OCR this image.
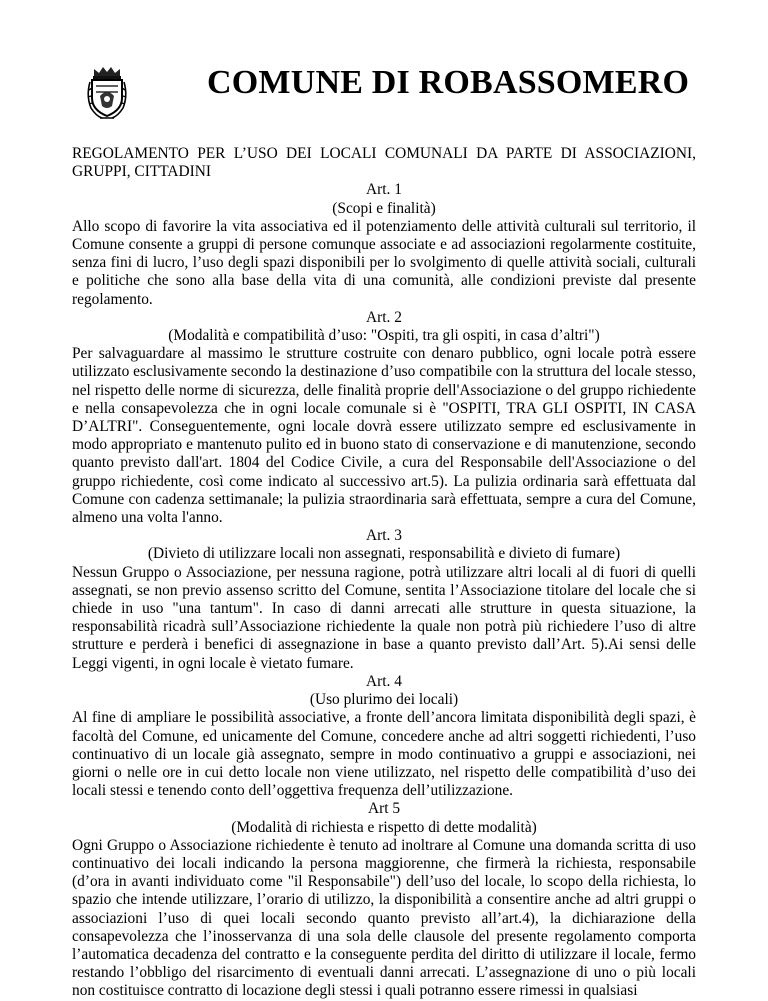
COMUNE DI ROBASSOMERO

REGOLAMENTO PER L’USO DEI LOCALI COMUNALI DA PARTE DI ASSOCIAZIONI, GRUPPI, CITTADINI

Art. 1

(Scopi e finalità)

Allo scopo di favorire la vita associativa ed il potenziamento delle attività culturali sul territorio, il Comune consente a gruppi di persone comunque associate e ad associazioni regolarmente costituite, senza fini di lucro, l’uso degli spazi disponibili per lo svolgimento di quelle attività sociali, culturali e politiche che sono alla base della vita di una comunità, alle condizioni previste dal presente regolamento.

Art. 2

(Modalità e compatibilità d’uso: "Ospiti, tra gli ospiti, in casa d’altri")

Per salvaguardare al massimo le strutture costruite con denaro pubblico, ogni locale potrà essere utilizzato esclusivamente secondo la destinazione d’uso compatibile con la struttura del locale stesso, nel rispetto delle norme di sicurezza, delle finalità proprie dell'Associazione o del gruppo richiedente e nella consapevolezza che in ogni locale comunale si è "OSPITI, TRA GLI OSPITI, IN CASA D’ALTRI". Conseguentemente, ogni locale dovrà essere utilizzato sempre ed esclusivamente in modo appropriato e mantenuto pulito ed in buono stato di conservazione e di manutenzione, secondo quanto previsto dall'art. 1804 del Codice Civile, a cura del Responsabile dell'Associazione o del gruppo richiedente, così come indicato al successivo art.5). La pulizia ordinaria sarà effettuata dal Comune con cadenza settimanale; la pulizia straordinaria sarà effettuata, sempre a cura del Comune, almeno una volta l'anno.

Art. 3

(Divieto di utilizzare locali non assegnati, responsabilità e divieto di fumare)

Nessun Gruppo o Associazione, per nessuna ragione, potrà utilizzare altri locali al di fuori di quelli assegnati, se non previo assenso scritto del Comune, sentita l’Associazione titolare del locale che si chiede in uso "una tantum". In caso di danni arrecati alle strutture in questa situazione, la responsabilità ricadrà sull’Associazione richiedente la quale non potrà più richiedere l’uso di altre strutture e perderà i benefici di assegnazione in base a quanto previsto dall’Art. 5).Ai sensi delle Leggi vigenti, in ogni locale è vietato fumare.

Art. 4

(Uso plurimo dei locali)

Al fine di ampliare le possibilità associative, a fronte dell’ancora limitata disponibilità degli spazi, è facoltà del Comune, ed unicamente del Comune, concedere anche ad altri soggetti richiedenti, l’uso continuativo di un locale già assegnato, sempre in modo continuativo a gruppi e associazioni, nei giorni o nelle ore in cui detto locale non viene utilizzato, nel rispetto delle compatibilità d’uso dei locali stessi e tenendo conto dell’oggettiva frequenza dell’utilizzazione.

Art 5

(Modalità di richiesta e rispetto di dette modalità)

Ogni Gruppo o Associazione richiedente è tenuto ad inoltrare al Comune una domanda scritta di uso continuativo dei locali indicando la persona maggiorenne, che firmerà la richiesta, responsabile (d’ora in avanti individuato come "il Responsabile") dell’uso del locale, lo scopo della richiesta, lo spazio che intende utilizzare, l’orario di utilizzo, la disponibilità a consentire anche ad altri gruppi o associazioni l’uso di quei locali secondo quanto previsto all’art.4), la dichiarazione della consapevolezza che l’inosservanza di una sola delle clausole del presente regolamento comporta l’automatica decadenza del contratto e la conseguente perdita del diritto di utilizzare il locale, fermo restando l’obbligo del risarcimento di eventuali danni arrecati. L’assegnazione di uno o più locali non costituisce contratto di locazione degli stessi i quali potranno essere rimessi in qualsiasi
